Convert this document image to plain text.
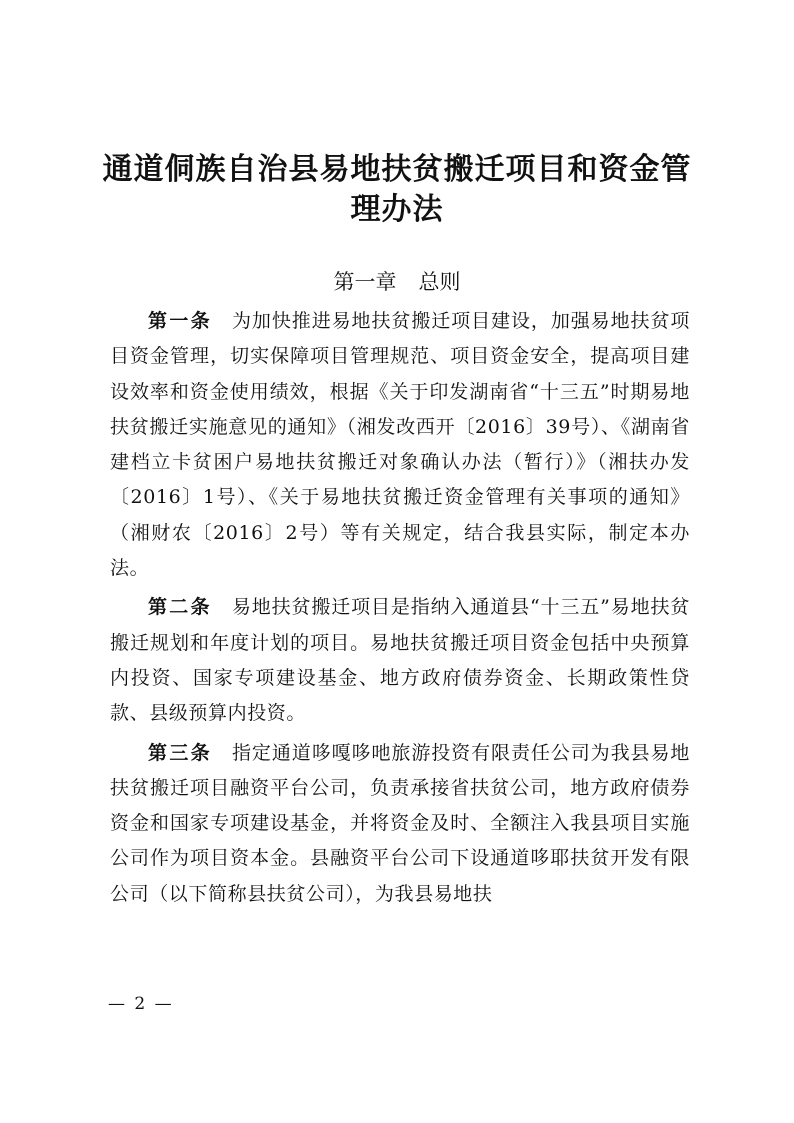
通道侗族自治县易地扶贫搬迁项目和资金管
理办法
第一章 总则

第一条 为加快推进易地扶贫搬迁项目建设，加强易地扶贫项目资金管理，切实保障项目管理规范、项目资金安全，提高项目建设效率和资金使用绩效，根据《关于印发湖南省“十三五”时期易地扶贫搬迁实施意见的通知》（湘发改西开〔2016〕39号）、《湖南省建档立卡贫困户易地扶贫搬迁对象确认办法（暂行）》（湘扶办发〔2016〕1号）、《关于易地扶贫搬迁资金管理有关事项的通知》（湘财农〔2016〕2号）等有关规定，结合我县实际，制定本办法。

第二条 易地扶贫搬迁项目是指纳入通道县“十三五”易地扶贫搬迁规划和年度计划的项目。易地扶贫搬迁项目资金包括中央预算内投资、国家专项建设基金、地方政府债券资金、长期政策性贷款、县级预算内投资。

第三条 指定通道哆嘎哆吔旅游投资有限责任公司为我县易地扶贫搬迁项目融资平台公司，负责承接省扶贫公司，地方政府债券资金和国家专项建设基金，并将资金及时、全额注入我县项目实施公司作为项目资本金。县融资平台公司下设通道哆耶扶贫开发有限公司（以下简称县扶贫公司），为我县易地扶

— 2 —
